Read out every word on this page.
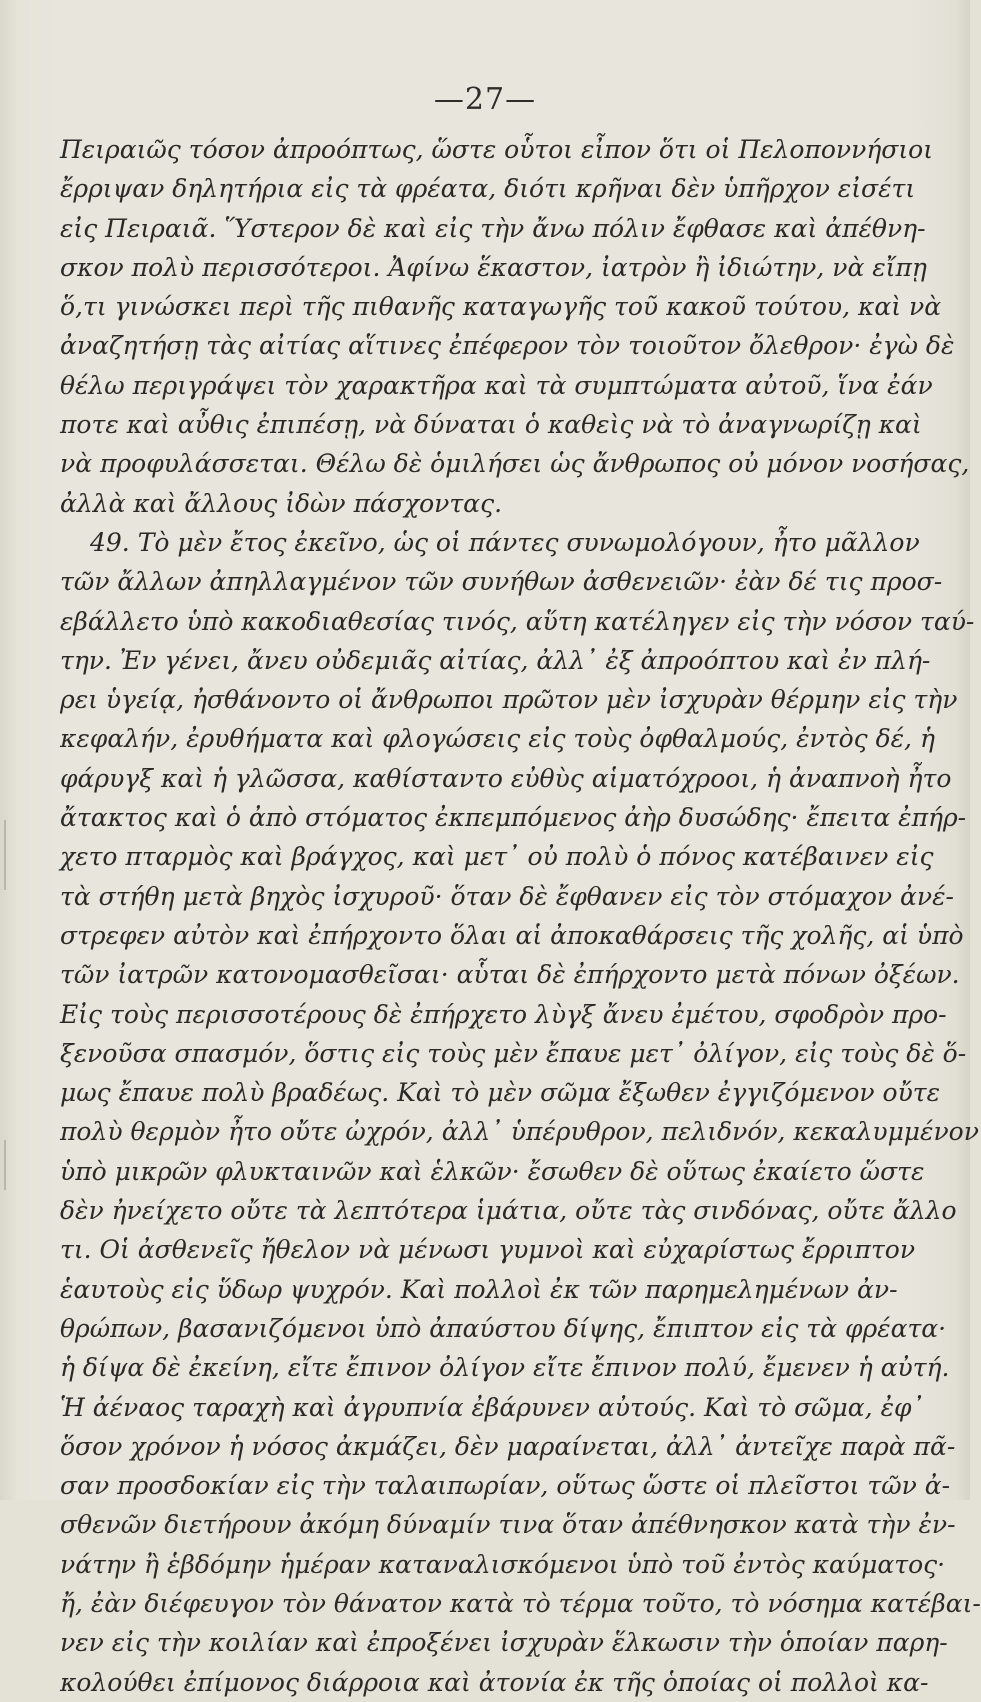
—27—
Πειραιῶς τόσον ἀπροόπτως, ὥστε οὗτοι εἶπον ὅτι οἱ Πελοποννήσιοι
ἔρριψαν δηλητήρια εἰς τὰ φρέατα, διότι κρῆναι δὲν ὑπῆρχον εἰσέτι
εἰς Πειραιᾶ. Ὕστερον δὲ καὶ εἰς τὴν ἄνω πόλιν ἔφθασε καὶ ἀπέθνη-
σκον πολὺ περισσότεροι. Ἀφίνω ἕκαστον, ἰατρὸν ἢ ἰδιώτην, νὰ εἴπῃ
ὅ,τι γινώσκει περὶ τῆς πιθανῆς καταγωγῆς τοῦ κακοῦ τούτου, καὶ νὰ
ἀναζητήσῃ τὰς αἰτίας αἵτινες ἐπέφερον τὸν τοιοῦτον ὄλεθρον· ἐγὼ δὲ
θέλω περιγράψει τὸν χαρακτῆρα καὶ τὰ συμπτώματα αὐτοῦ, ἵνα ἐάν
ποτε καὶ αὖθις ἐπιπέσῃ, νὰ δύναται ὁ καθεὶς νὰ τὸ ἀναγνωρίζῃ καὶ
νὰ προφυλάσσεται. Θέλω δὲ ὁμιλήσει ὡς ἄνθρωπος οὐ μόνον νοσήσας,
ἀλλὰ καὶ ἄλλους ἰδὼν πάσχοντας.
49. Τὸ μὲν ἔτος ἐκεῖνο, ὡς οἱ πάντες συνωμολόγουν, ἦτο μᾶλλον
τῶν ἄλλων ἀπηλλαγμένον τῶν συνήθων ἀσθενειῶν· ἐὰν δέ τις προσ-
εβάλλετο ὑπὸ κακοδιαθεσίας τινός, αὕτη κατέληγεν εἰς τὴν νόσον ταύ-
την. Ἐν γένει, ἄνευ οὐδεμιᾶς αἰτίας, ἀλλ᾽ ἐξ ἀπροόπτου καὶ ἐν πλή-
ρει ὑγείᾳ, ἠσθάνοντο οἱ ἄνθρωποι πρῶτον μὲν ἰσχυρὰν θέρμην εἰς τὴν
κεφαλήν, ἐρυθήματα καὶ φλογώσεις εἰς τοὺς ὀφθαλμούς, ἐντὸς δέ, ἡ
φάρυγξ καὶ ἡ γλῶσσα, καθίσταντο εὐθὺς αἱματόχροοι, ἡ ἀναπνοὴ ἦτο
ἄτακτος καὶ ὁ ἀπὸ στόματος ἐκπεμπόμενος ἀὴρ δυσώδης· ἔπειτα ἐπήρ-
χετο πταρμὸς καὶ βράγχος, καὶ μετ᾽ οὐ πολὺ ὁ πόνος κατέβαινεν εἰς
τὰ στήθη μετὰ βηχὸς ἰσχυροῦ· ὅταν δὲ ἔφθανεν εἰς τὸν στόμαχον ἀνέ-
στρεφεν αὐτὸν καὶ ἐπήρχοντο ὅλαι αἱ ἀποκαθάρσεις τῆς χολῆς, αἱ ὑπὸ
τῶν ἰατρῶν κατονομασθεῖσαι· αὗται δὲ ἐπήρχοντο μετὰ πόνων ὀξέων.
Εἰς τοὺς περισσοτέρους δὲ ἐπήρχετο λὺγξ ἄνευ ἐμέτου, σφοδρὸν προ-
ξενοῦσα σπασμόν, ὅστις εἰς τοὺς μὲν ἔπαυε μετ᾽ ὀλίγον, εἰς τοὺς δὲ ὅ-
μως ἔπαυε πολὺ βραδέως. Καὶ τὸ μὲν σῶμα ἔξωθεν ἐγγιζόμενον οὔτε
πολὺ θερμὸν ἦτο οὔτε ὠχρόν, ἀλλ᾽ ὑπέρυθρον, πελιδνόν, κεκαλυμμένον
ὑπὸ μικρῶν φλυκταινῶν καὶ ἑλκῶν· ἔσωθεν δὲ οὕτως ἐκαίετο ὥστε
δὲν ἠνείχετο οὔτε τὰ λεπτότερα ἱμάτια, οὔτε τὰς σινδόνας, οὔτε ἄλλο
τι. Οἱ ἀσθενεῖς ἤθελον νὰ μένωσι γυμνοὶ καὶ εὐχαρίστως ἔρριπτον
ἑαυτοὺς εἰς ὕδωρ ψυχρόν. Καὶ πολλοὶ ἐκ τῶν παρημελημένων ἀν-
θρώπων, βασανιζόμενοι ὑπὸ ἀπαύστου δίψης, ἔπιπτον εἰς τὰ φρέατα·
ἡ δίψα δὲ ἐκείνη, εἴτε ἔπινον ὀλίγον εἴτε ἔπινον πολύ, ἔμενεν ἡ αὐτή.
Ἡ ἀέναος ταραχὴ καὶ ἀγρυπνία ἐβάρυνεν αὐτούς. Καὶ τὸ σῶμα, ἐφ᾽
ὅσον χρόνον ἡ νόσος ἀκμάζει, δὲν μαραίνεται, ἀλλ᾽ ἀντεῖχε παρὰ πᾶ-
σαν προσδοκίαν εἰς τὴν ταλαιπωρίαν, οὕτως ὥστε οἱ πλεῖστοι τῶν ἀ-
σθενῶν διετήρουν ἀκόμη δύναμίν τινα ὅταν ἀπέθνησκον κατὰ τὴν ἐν-
νάτην ἢ ἑβδόμην ἡμέραν καταναλισκόμενοι ὑπὸ τοῦ ἐντὸς καύματος·
ἤ, ἐὰν διέφευγον τὸν θάνατον κατὰ τὸ τέρμα τοῦτο, τὸ νόσημα κατέβαι-
νεν εἰς τὴν κοιλίαν καὶ ἐπροξένει ἰσχυρὰν ἕλκωσιν τὴν ὁποίαν παρη-
κολούθει ἐπίμονος διάρροια καὶ ἀτονία ἐκ τῆς ὁποίας οἱ πολλοὶ κα-
